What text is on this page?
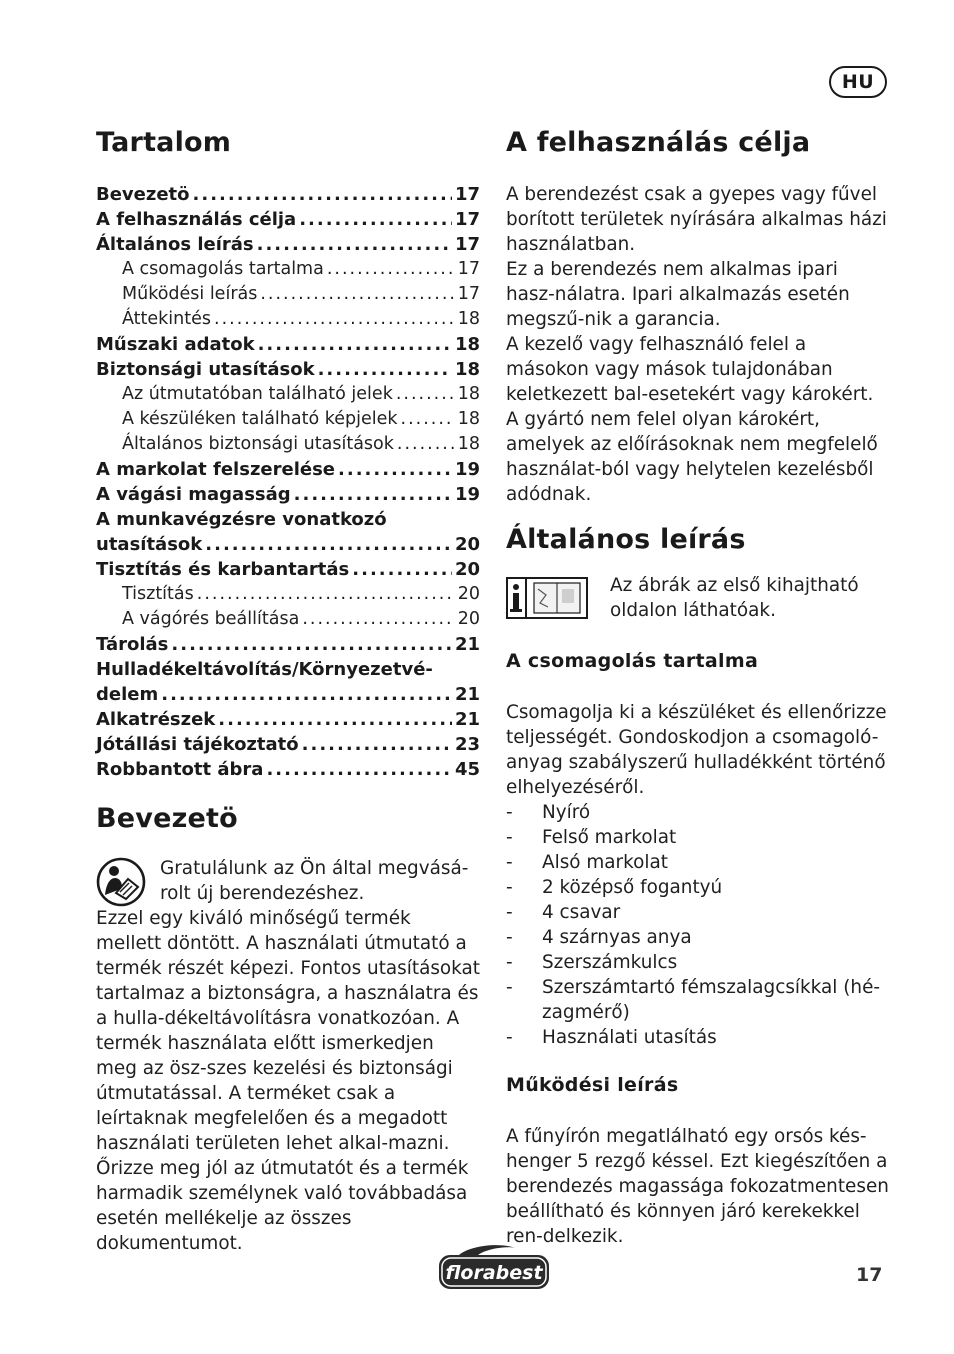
HU
Tartalom
Bevezetö .....	17
A felhasználás célja .....	17
Általános leírás .....	17
A csomagolás tartalma .....	17
Működési leírás .....	17
Áttekintés .....	18
Műszaki adatok .....	18
Biztonsági utasítások .....	18
Az útmutatóban található jelek .....	18
A készüléken található képjelek .....	18
Általános biztonsági utasítások .....	18
A markolat felszerelése .....	19
A vágási magasság .....	19
A munkavégzésre vonatkozó
utasítások .....	20
Tisztítás és karbantartás .....	20
Tisztítás .....	20
A vágórés beállítása .....	20
Tárolás .....	21
Hulladékeltávolítás/Környezetvé-
delem .....	21
Alkatrészek .....	21
Jótállási tájékoztató .....	23
Robbantott ábra .....	45
Bevezetö

Gratulálunk az Ön által megvásá-rolt új berendezéshez.

Ezzel egy kiváló minőségű termék mellett döntött. A használati útmutató a termék részét képezi. Fontos utasításokat tartalmaz a biztonságra, a használatra és a hulla-dékeltávolításra vonatkozóan. A termék használata előtt ismerkedjen meg az ösz-szes kezelési és biztonsági útmutatással. A terméket csak a leírtaknak megfelelően és a megadott használati területen lehet alkal-mazni.

Őrizze meg jól az útmutatót és a termék harmadik személynek való továbbadása esetén mellékelje az összes dokumentumot.

A felhasználás célja

A berendezést csak a gyepes vagy fűvel borított területek nyírására alkalmas házi használatban.

Ez a berendezés nem alkalmas ipari hasz-nálatra. Ipari alkalmazás esetén megszű-nik a garancia.

A kezelő vagy felhasználó felel a másokon vagy mások tulajdonában keletkezett bal-esetekért vagy károkért.

A gyártó nem felel olyan károkért, amelyek az előírásoknak nem megfelelő használat-ból vagy helytelen kezelésből adódnak.

Általános leírás

Az ábrák az első kihajtható oldalon láthatóak.

A csomagolás tartalma

Csomagolja ki a készüléket és ellenőrizze teljességét. Gondoskodjon a csomagoló-anyag szabályszerű hulladékként történő elhelyezéséről.

- Nyíró
- Felső markolat
- Alsó markolat
- 2 középső fogantyú
- 4 csavar
- 4 szárnyas anya
- Szerszámkulcs
- Szerszámtartó fémszalagcsíkkal (hé-zagmérő)
- Használati utasítás
Működési leírás

A fűnyírón megatlálható egy orsós kés-henger 5 rezgő késsel. Ezt kiegészítően a berendezés magassága fokozatmentesen beállítható és könnyen járó kerekekkel ren-delkezik.

florabest	17
